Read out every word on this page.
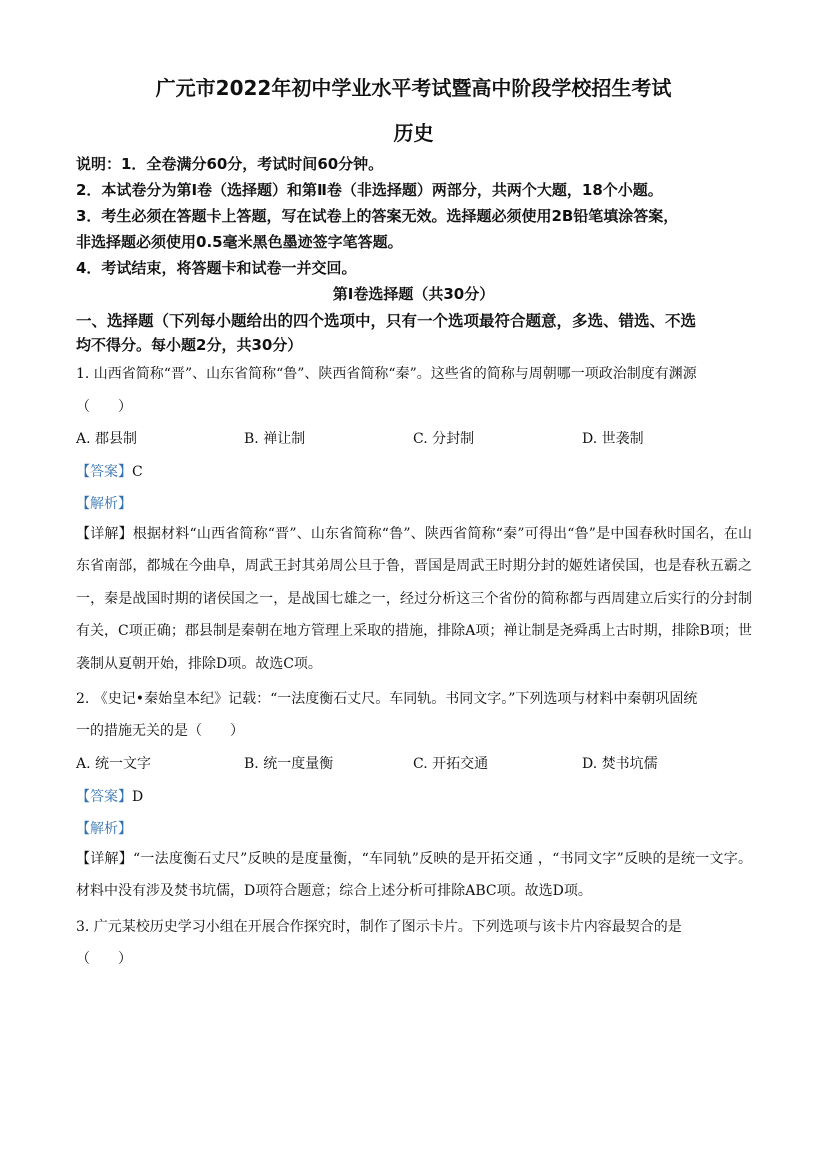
广元市2022年初中学业水平考试暨高中阶段学校招生考试
历史
说明：1．全卷满分60分，考试时间60分钟。
2．本试卷分为第Ⅰ卷（选择题）和第Ⅱ卷（非选择题）两部分，共两个大题，18个小题。
3．考生必须在答题卡上答题，写在试卷上的答案无效。选择题必须使用2B铅笔填涂答案，
非选择题必须使用0.5毫米黑色墨迹签字笔答题。
4．考试结束，将答题卡和试卷一并交回。
第Ⅰ卷选择题（共30分）
一、选择题（下列每小题给出的四个选项中，只有一个选项最符合题意，多选、错选、不选
均不得分。每小题2分，共30分）
1. 山西省简称“晋”、山东省简称“鲁”、陕西省简称“秦”。这些省的简称与周朝哪一项政治制度有渊源
（　　）
A. 郡县制	B. 禅让制	C. 分封制	D. 世袭制
【答案】C
【解析】
【详解】根据材料“山西省简称“晋”、山东省简称“鲁”、陕西省简称“秦”可得出“鲁”是中国春秋时国名，在山东省南部，都城在今曲阜，周武王封其弟周公旦于鲁，晋国是周武王时期分封的姬姓诸侯国，也是春秋五霸之一，秦是战国时期的诸侯国之一，是战国七雄之一，经过分析这三个省份的简称都与西周建立后实行的分封制有关，C项正确；郡县制是秦朝在地方管理上采取的措施，排除A项；禅让制是尧舜禹上古时期，排除B项；世袭制从夏朝开始，排除D项。故选C项。
2. 《史记•秦始皇本纪》记载：“一法度衡石丈尺。车同轨。书同文字。”下列选项与材料中秦朝巩固统
一的措施无关的是（　　）
A. 统一文字	B. 统一度量衡	C. 开拓交通	D. 焚书坑儒
【答案】D
【解析】
【详解】“一法度衡石丈尺”反映的是度量衡，“车同轨”反映的是开拓交通 ，“书同文字”反映的是统一文字。材料中没有涉及焚书坑儒，D项符合题意；综合上述分析可排除ABC项。故选D项。
3. 广元某校历史学习小组在开展合作探究时，制作了图示卡片。下列选项与该卡片内容最契合的是
（　　）
